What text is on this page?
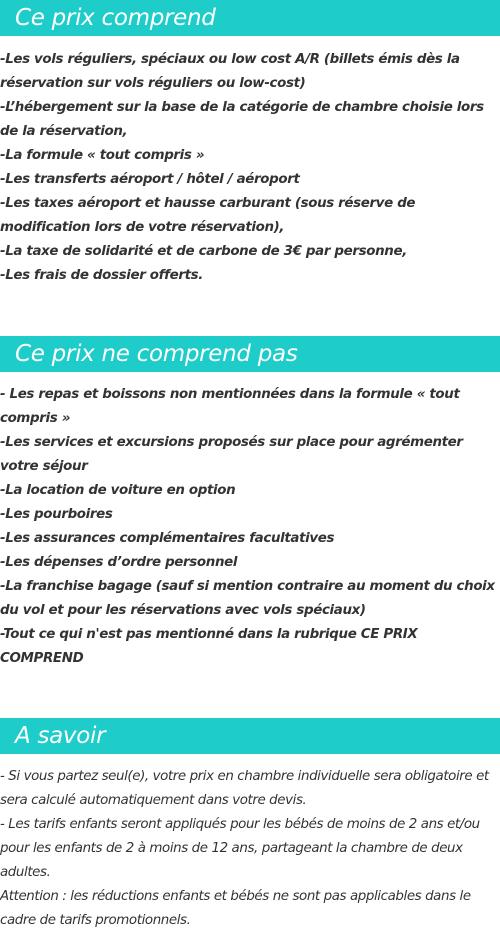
Ce prix comprend
-Les vols réguliers, spéciaux ou low cost A/R (billets émis dès la réservation sur vols réguliers ou low-cost)
-L’hébergement sur la base de la catégorie de chambre choisie lors de la réservation,
-La formule « tout compris »
-Les transferts aéroport / hôtel / aéroport
-Les taxes aéroport et hausse carburant (sous réserve de modification lors de votre réservation),
-La taxe de solidarité et de carbone de 3€ par personne,
-Les frais de dossier offerts.
Ce prix ne comprend pas
- Les repas et boissons non mentionnées dans la formule « tout compris »
-Les services et excursions proposés sur place pour agrémenter votre séjour
-La location de voiture en option
-Les pourboires
-Les assurances complémentaires facultatives
-Les dépenses d’ordre personnel
-La franchise bagage (sauf si mention contraire au moment du choix du vol et pour les réservations avec vols spéciaux)
-Tout ce qui n'est pas mentionné dans la rubrique CE PRIX COMPREND
A savoir
- Si vous partez seul(e), votre prix en chambre individuelle sera obligatoire et sera calculé automatiquement dans votre devis.
- Les tarifs enfants seront appliqués pour les bébés de moins de 2 ans et/ou pour les enfants de 2 à moins de 12 ans, partageant la chambre de deux adultes.
Attention : les réductions enfants et bébés ne sont pas applicables dans le cadre de tarifs promotionnels.
